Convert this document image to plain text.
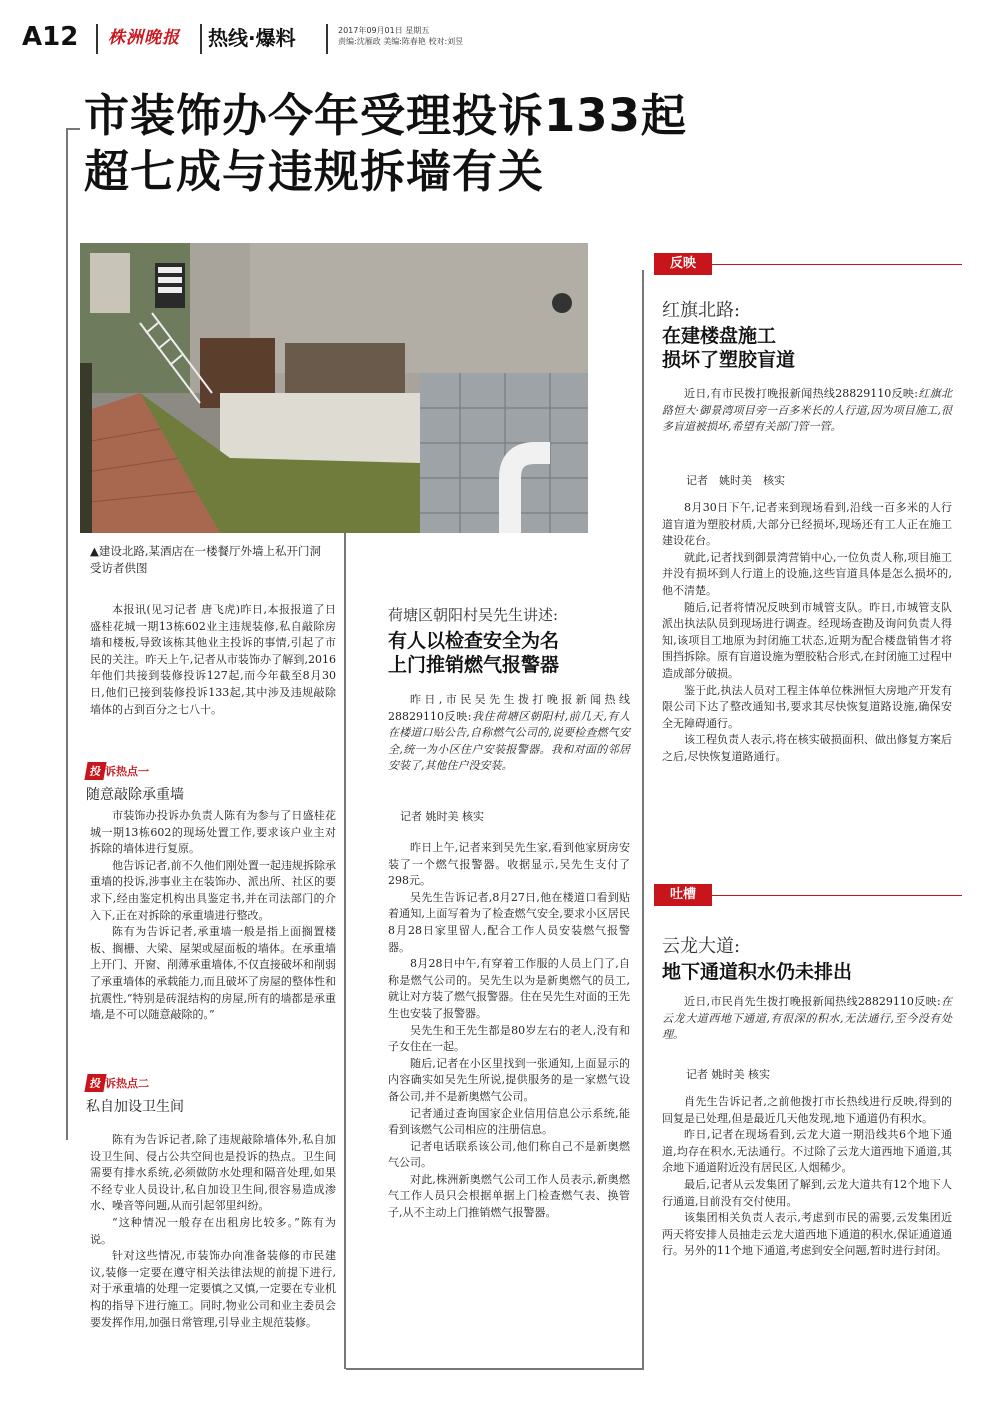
A12 株洲晚报	热线·爆料	2017年09月01日 星期五
责编:沈雁政 美编:陈春艳 校对:刘昱
市装饰办今年受理投诉133起
超七成与违规拆墙有关
▲建设北路,某酒店在一楼餐厅外墙上私开门洞　受访者供图

本报讯(见习记者 唐飞虎)昨日,本报报道了日盛桂花城一期13栋602业主违规装修,私自敲除房墙和楼板,导致该栋其他业主投诉的事情,引起了市民的关注。昨天上午,记者从市装饰办了解到,2016年他们共接到装修投诉127起,而今年截至8月30日,他们已接到装修投诉133起,其中涉及违规敲除墙体的占到百分之七八十。

投 诉热点一
随意敲除承重墙

市装饰办投诉办负责人陈有为参与了日盛桂花城一期13栋602的现场处置工作,要求该户业主对拆除的墙体进行复原。

他告诉记者,前不久他们刚处置一起违规拆除承重墙的投诉,涉事业主在装饰办、派出所、社区的要求下,经由鉴定机构出具鉴定书,并在司法部门的介入下,正在对拆除的承重墙进行整改。

陈有为告诉记者,承重墙一般是指上面搁置楼板、搁栅、大梁、屋架或屋面板的墙体。在承重墙上开门、开窗、削薄承重墙体,不仅直接破坏和削弱了承重墙体的承载能力,而且破坏了房屋的整体性和抗震性,“特别是砖混结构的房屋,所有的墙都是承重墙,是不可以随意敲除的。”

投 诉热点二
私自加设卫生间

陈有为告诉记者,除了违规敲除墙体外,私自加设卫生间、侵占公共空间也是投诉的热点。卫生间需要有排水系统,必须做防水处理和隔音处理,如果不经专业人员设计,私自加设卫生间,很容易造成渗水、噪音等问题,从而引起邻里纠纷。

“这种情况一般存在出租房比较多。”陈有为说。

针对这些情况,市装饰办向准备装修的市民建议,装修一定要在遵守相关法律法规的前提下进行,对于承重墙的处理一定要慎之又慎,一定要在专业机构的指导下进行施工。同时,物业公司和业主委员会要发挥作用,加强日常管理,引导业主规范装修。

荷塘区朝阳村吴先生讲述:
有人以检查安全为名
上门推销燃气报警器

昨日,市民吴先生拨打晚报新闻热线28829110反映:我住荷塘区朝阳村,前几天,有人在楼道口贴公告,自称燃气公司的,说要检查燃气安全,统一为小区住户安装报警器。我和对面的邻居安装了,其他住户没安装。

记者 姚时美 核实

昨日上午,记者来到吴先生家,看到他家厨房安装了一个燃气报警器。收据显示,吴先生支付了298元。

吴先生告诉记者,8月27日,他在楼道口看到贴着通知,上面写着为了检查燃气安全,要求小区居民8月28日家里留人,配合工作人员安装燃气报警器。

8月28日中午,有穿着工作服的人员上门了,自称是燃气公司的。吴先生以为是新奥燃气的员工,就让对方装了燃气报警器。住在吴先生对面的王先生也安装了报警器。

吴先生和王先生都是80岁左右的老人,没有和子女住在一起。

随后,记者在小区里找到一张通知,上面显示的内容确实如吴先生所说,提供服务的是一家燃气设备公司,并不是新奥燃气公司。

记者通过查询国家企业信用信息公示系统,能看到该燃气公司相应的注册信息。

记者电话联系该公司,他们称自己不是新奥燃气公司。

对此,株洲新奥燃气公司工作人员表示,新奥燃气工作人员只会根据单据上门检查燃气表、换管子,从不主动上门推销燃气报警器。

反映
红旗北路:
在建楼盘施工
损坏了塑胶盲道

近日,有市民拨打晚报新闻热线28829110反映:红旗北路恒大·御景湾项目旁一百多米长的人行道,因为项目施工,很多盲道被损坏,希望有关部门管一管。

记者　姚时美　核实

8月30日下午,记者来到现场看到,沿线一百多米的人行道盲道为塑胶材质,大部分已经损坏,现场还有工人正在施工建设花台。

就此,记者找到御景湾营销中心,一位负责人称,项目施工并没有损坏到人行道上的设施,这些盲道具体是怎么损坏的,他不清楚。

随后,记者将情况反映到市城管支队。昨日,市城管支队派出执法队员到现场进行调查。经现场查勘及询问负责人得知,该项目工地原为封闭施工状态,近期为配合楼盘销售才将围挡拆除。原有盲道设施为塑胶粘合形式,在封闭施工过程中造成部分破损。

鉴于此,执法人员对工程主体单位株洲恒大房地产开发有限公司下达了整改通知书,要求其尽快恢复道路设施,确保安全无障碍通行。

该工程负责人表示,将在核实破损面积、做出修复方案后之后,尽快恢复道路通行。

吐槽
云龙大道:
地下通道积水仍未排出

近日,市民肖先生拨打晚报新闻热线28829110反映:在云龙大道西地下通道,有很深的积水,无法通行,至今没有处理。

记者 姚时美 核实

肖先生告诉记者,之前他拨打市长热线进行反映,得到的回复是已处理,但是最近几天他发现,地下通道仍有积水。

昨日,记者在现场看到,云龙大道一期沿线共6个地下通道,均存在积水,无法通行。不过除了云龙大道西地下通道,其余地下通道附近没有居民区,人烟稀少。

最后,记者从云发集团了解到,云龙大道共有12个地下人行通道,目前没有交付使用。

该集团相关负责人表示,考虑到市民的需要,云发集团近两天将安排人员抽走云龙大道西地下通道的积水,保证通道通行。另外的11个地下通道,考虑到安全问题,暂时进行封闭。
